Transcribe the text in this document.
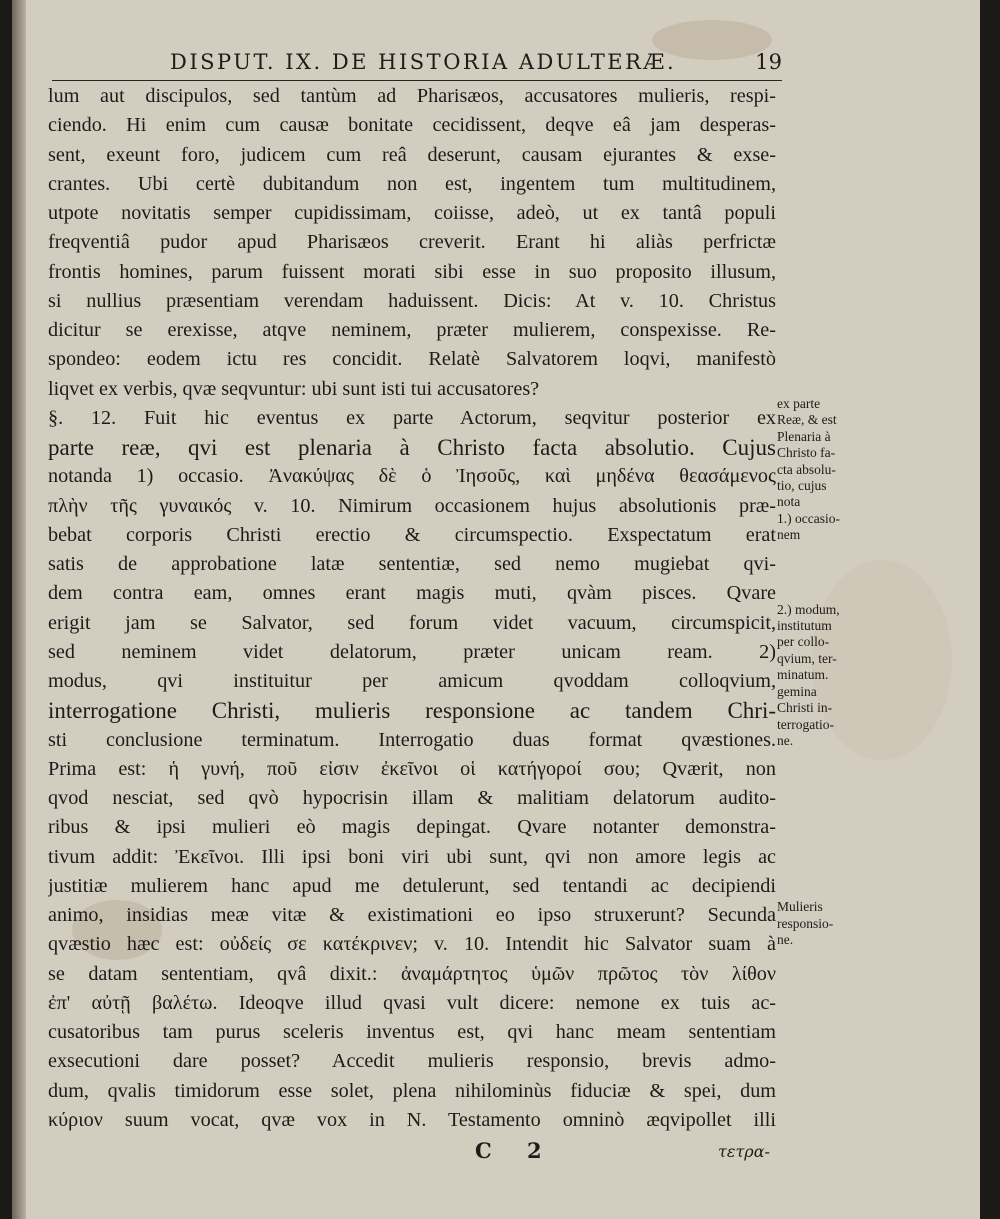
DISPUT. IX. DE HISTORIA ADULTERÆ.	19
lum aut discipulos, sed tantùm ad Pharisæos, accusatores mulieris, respi-
ciendo. Hi enim cum causæ bonitate cecidissent, deqve eâ jam desperas-
sent, exeunt foro, judicem cum reâ deserunt, causam ejurantes & exse-
crantes. Ubi certè dubitandum non est, ingentem tum multitudinem,
utpote novitatis semper cupidissimam, coiisse, adeò, ut ex tantâ populi
freqventiâ pudor apud Pharisæos creverit. Erant hi aliàs perfrictæ
frontis homines, parum fuissent morati sibi esse in suo proposito illusum,
si nullius præsentiam verendam haduissent. Dicis: At v. 10. Christus
dicitur se erexisse, atqve neminem, præter mulierem, conspexisse. Re-
spondeo: eodem ictu res concidit. Relatè Salvatorem loqvi, manifestò
liqvet ex verbis, qvæ seqvuntur: ubi sunt isti tui accusatores?
§. 12. Fuit hic eventus ex parte Actorum, seqvitur posterior ex
parte reæ, qvi est plenaria à Christo facta absolutio. Cujus
notanda 1) occasio. Ἀνακύψας δὲ ὁ Ἰησοῦς, καὶ μηδένα θεασάμενος
πλὴν τῆς γυναικός v. 10. Nimirum occasionem hujus absolutionis præ-
bebat corporis Christi erectio & circumspectio. Exspectatum erat
satis de approbatione latæ sententiæ, sed nemo mugiebat qvi-
dem contra eam, omnes erant magis muti, qvàm pisces. Qvare
erigit jam se Salvator, sed forum videt vacuum, circumspicit,
sed neminem videt delatorum, præter unicam ream. 2)
modus, qvi instituitur per amicum qvoddam colloqvium,
interrogatione Christi, mulieris responsione ac tandem Chri-
sti conclusione terminatum. Interrogatio duas format qvæstiones.
Prima est: ἡ γυνή, ποῦ εἰσιν ἐκεῖνοι οἱ κατήγοροί σου; Qværit, non
qvod nesciat, sed qvò hypocrisin illam & malitiam delatorum audito-
ribus & ipsi mulieri eò magis depingat. Qvare notanter demonstra-
tivum addit: Ἐκεῖνοι. Illi ipsi boni viri ubi sunt, qvi non amore legis ac
justitiæ mulierem hanc apud me detulerunt, sed tentandi ac decipiendi
animo, insidias meæ vitæ & existimationi eo ipso struxerunt? Secunda
qvæstio hæc est: οὐδείς σε κατέκρινεν; v. 10. Intendit hic Salvator suam à
se datam sententiam, qvâ dixit.: ἀναμάρτητος ὑμῶν πρῶτος τὸν λίθον
ἐπ' αὐτῇ βαλέτω. Ideoqve illud qvasi vult dicere: nemone ex tuis ac-
cusatoribus tam purus sceleris inventus est, qvi hanc meam sententiam
exsecutioni dare posset? Accedit mulieris responsio, brevis admo-
dum, qvalis timidorum esse solet, plena nihilominùs fiduciæ & spei, dum
κύριον suum vocat, qvæ vox in N. Testamento omninò æqvipollet illi
ex parte
Reæ, & est
Plenaria à
Christo fa-
cta absolu-
tio, cujus
nota
1.) occasio-
nem
2.) modum,
institutum
per collo-
qvium, ter-
minatum.
gemina
Christi in-
terrogatio-
ne.
Mulieris
responsio-
ne.
C 2	τετρα-
